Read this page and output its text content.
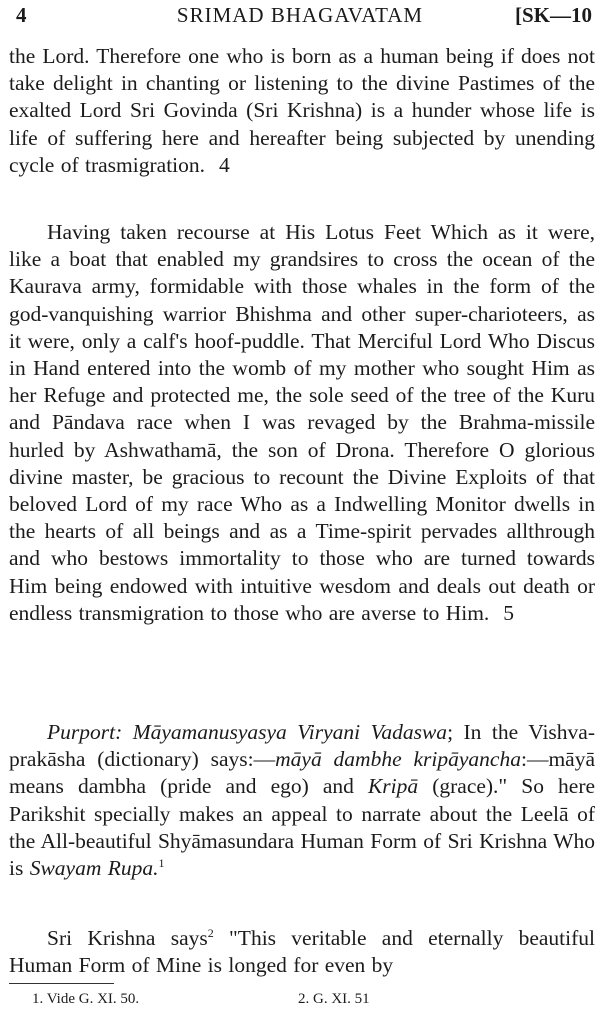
4	SRIMAD BHAGAVATAM	[SK—10

the Lord. Therefore one who is born as a human being if does not take delight in chanting or listening to the divine Pastimes of the exalted Lord Sri Govinda (Sri Krishna) is a hunder whose life is life of suffering here and hereafter being subjected by unending cycle of trasmigration. 4

Having taken recourse at His Lotus Feet Which as it were, like a boat that enabled my grandsires to cross the ocean of the Kaurava army, formidable with those whales in the form of the god-vanquishing warrior Bhishma and other super-charioteers, as it were, only a calf's hoof-puddle. That Merciful Lord Who Discus in Hand entered into the womb of my mother who sought Him as her Refuge and protected me, the sole seed of the tree of the Kuru and Pāndava race when I was revaged by the Brahma-missile hurled by Ashwathamā, the son of Drona. Therefore O glorious divine master, be gracious to recount the Divine Exploits of that beloved Lord of my race Who as a Indwelling Monitor dwells in the hearts of all beings and as a Time-spirit pervades allthrough and who bestows immortality to those who are turned towards Him being endowed with intuitive wesdom and deals out death or endless transmigration to those who are averse to Him. 5

Purport: Māyamanusyasya Viryani Vadaswa; In the Vishva-prakāsha (dictionary) says:—māyā dambhe kripāyancha:—māyā means dambha (pride and ego) and Kripā (grace)." So here Parikshit specially makes an appeal to narrate about the Leelā of the All-beautiful Shyāmasundara Human Form of Sri Krishna Who is Swayam Rupa.$^1$

Sri Krishna says$^2$ "This veritable and eternally beautiful Human Form of Mine is longed for even by

1. Vide G. XI. 50.	2. G. XI. 51
